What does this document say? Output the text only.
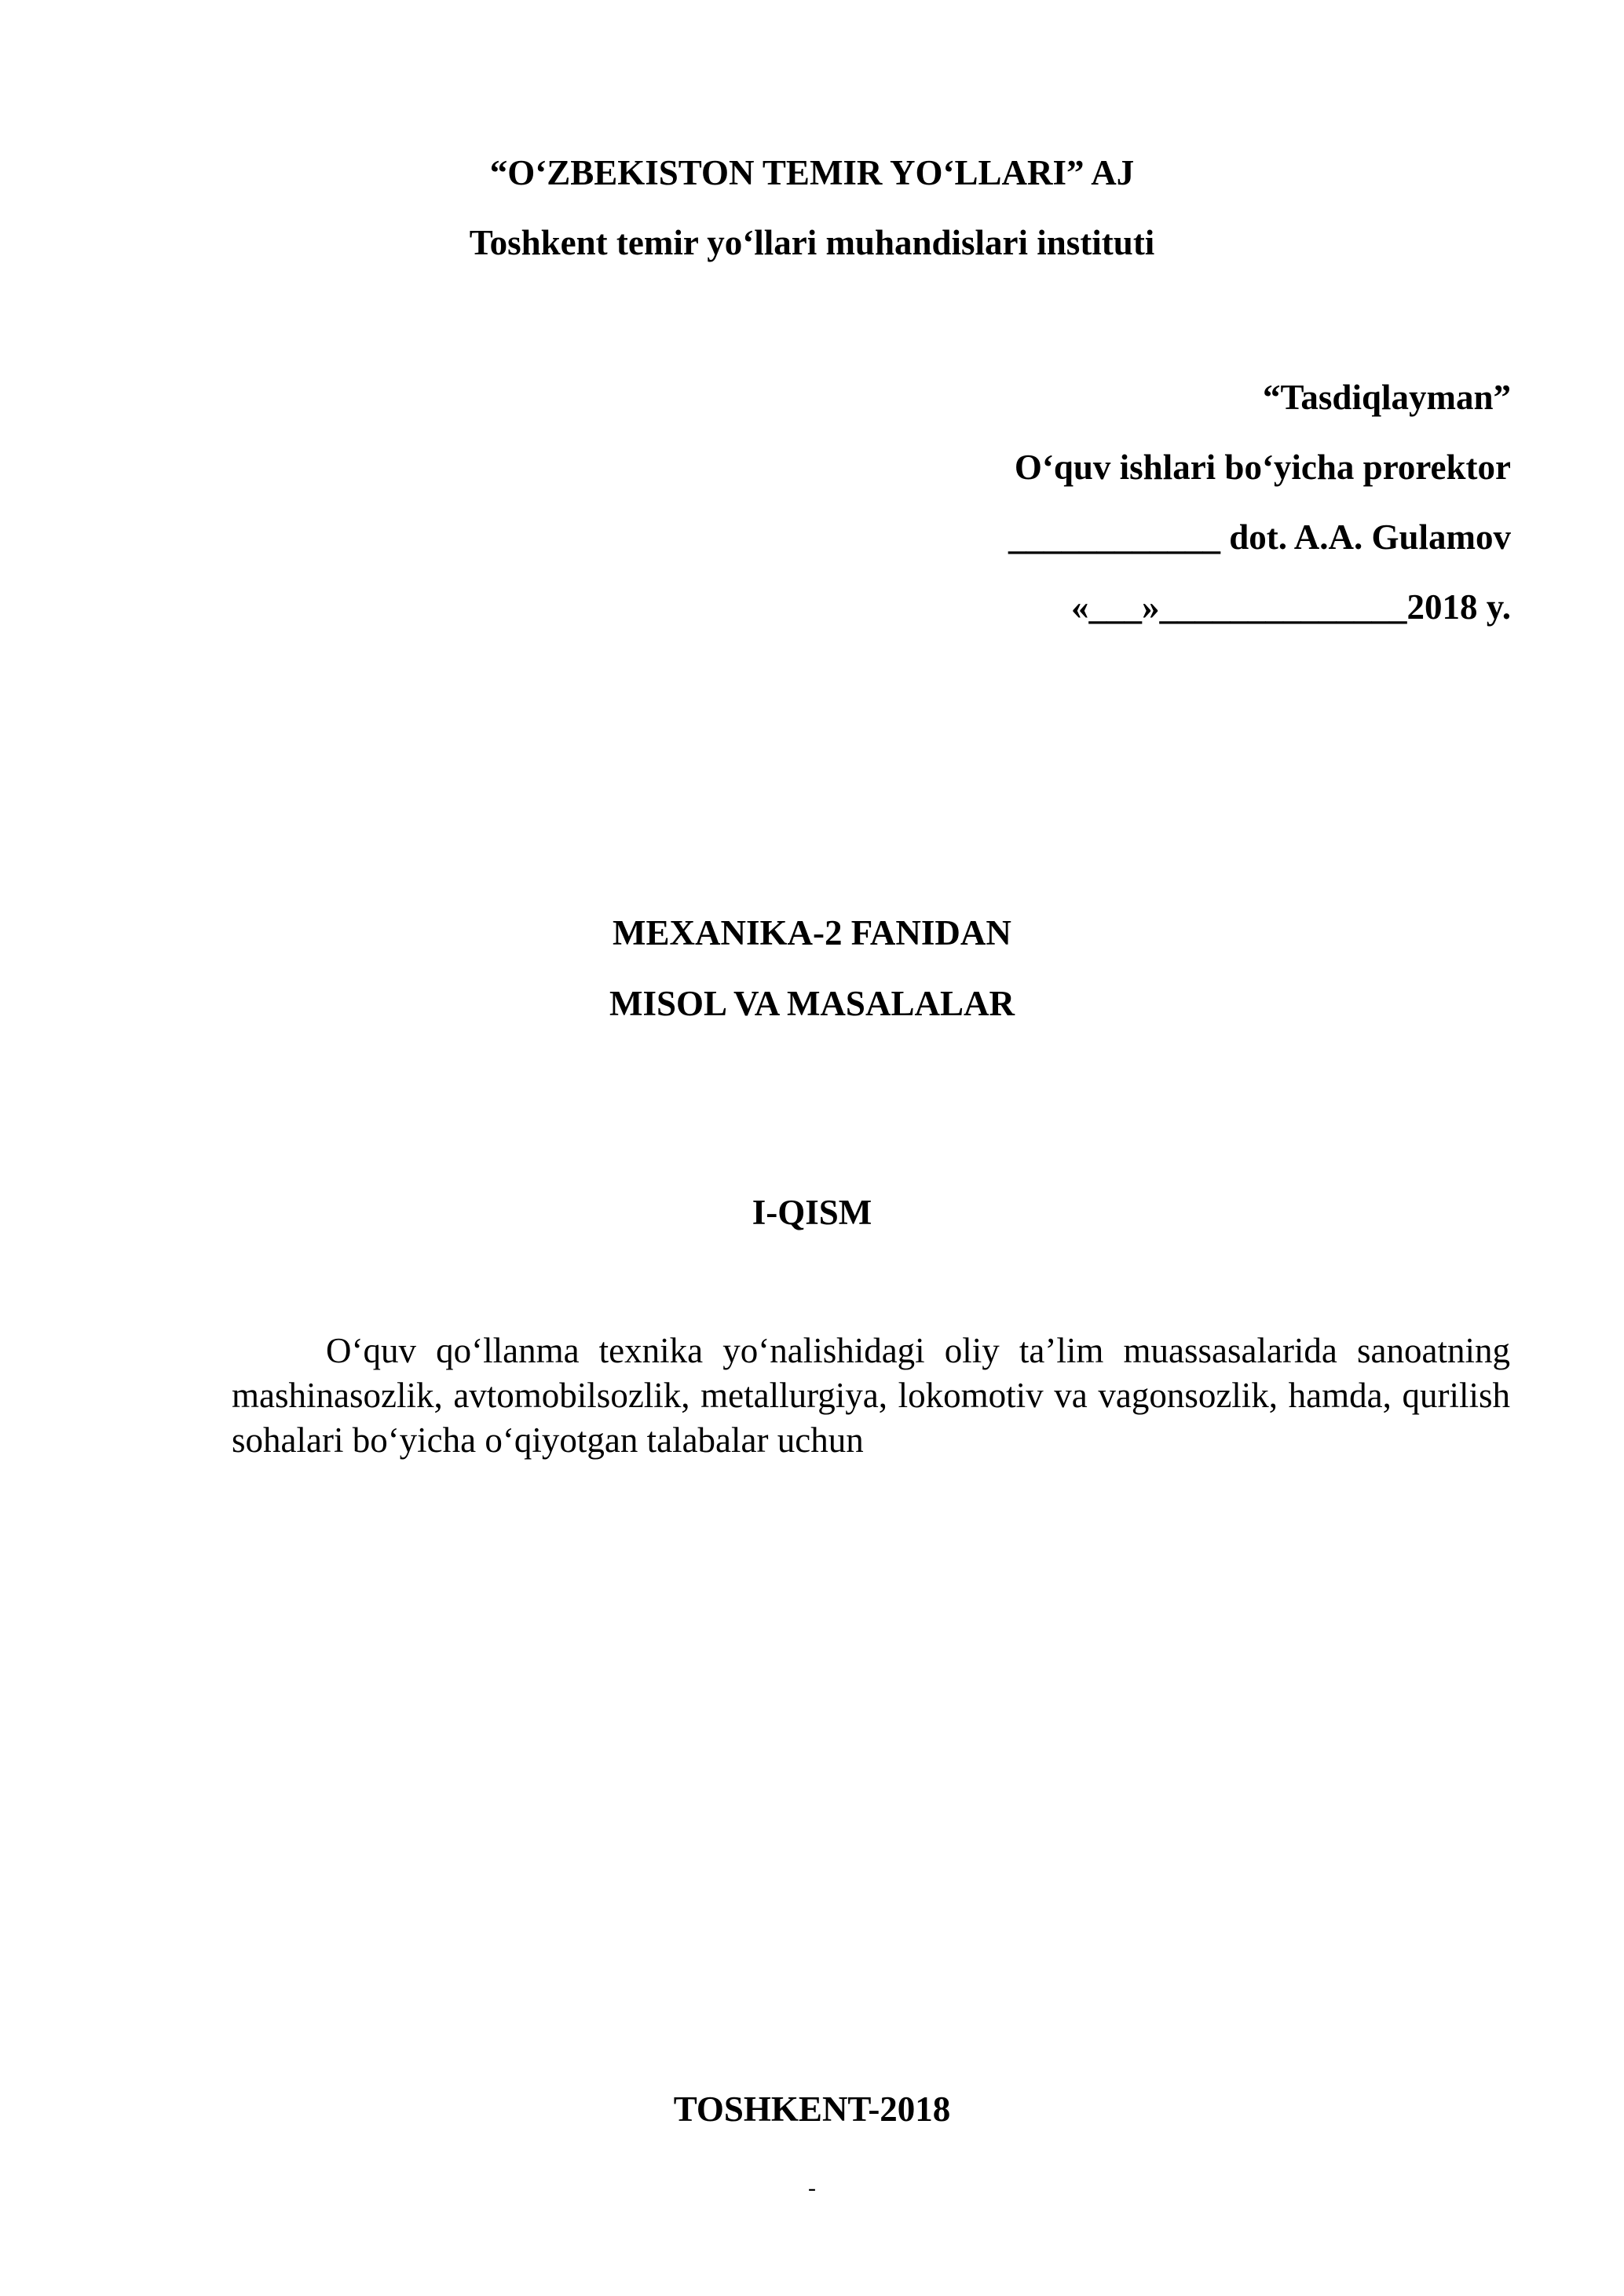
“O‘ZBEKISTON TEMIR YO‘LLARI” AJ
Toshkent temir yo‘llari muhandislari instituti
“Tasdiqlayman”
O‘quv ishlari bo‘yicha prorektor
____________ dot. A.A. Gulamov
«___»______________2018 y.
MEXANIKA-2 FANIDAN
MISOL VA MASALALAR
I-QISM
O‘quv qo‘llanma texnika yo‘nalishidagi oliy ta’lim muassasalarida sanoatning mashinasozlik, avtomobilsozlik, metallurgiya, lokomotiv va vagonsozlik, hamda, qurilish sohalari bo‘yicha o‘qiyotgan talabalar uchun
TOSHKENT-2018
-
